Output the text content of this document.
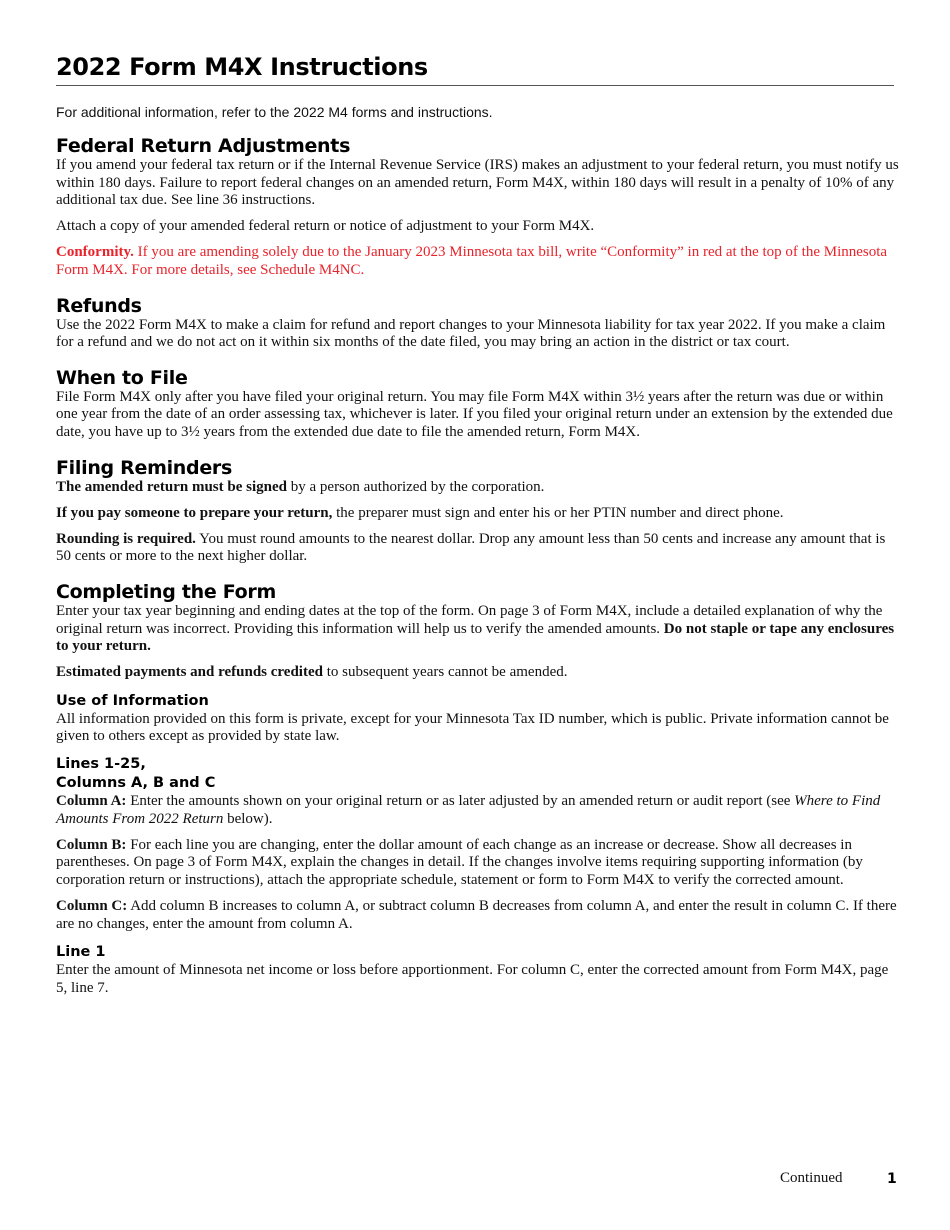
2022 Form M4X Instructions
For additional information, refer to the 2022 M4 forms and instructions.
Federal Return Adjustments

If you amend your federal tax return or if the Internal Revenue Service (IRS) makes an adjustment to your federal return, you must notify us within 180 days. Failure to report federal changes on an amended return, Form M4X, within 180 days will result in a penalty of 10% of any additional tax due. See line 36 instructions.

Attach a copy of your amended federal return or notice of adjustment to your Form M4X.

Conformity. If you are amending solely due to the January 2023 Minnesota tax bill, write “Conformity” in red at the top of the Minnesota Form M4X. For more details, see Schedule M4NC.

Refunds

Use the 2022 Form M4X to make a claim for refund and report changes to your Minnesota liability for tax year 2022. If you make a claim for a refund and we do not act on it within six months of the date filed, you may bring an action in the district or tax court.

When to File

File Form M4X only after you have filed your original return. You may file Form M4X within 3½ years after the return was due or within one year from the date of an order assessing tax, whichever is later. If you filed your original return under an extension by the extended due date, you have up to 3½ years from the extended due date to file the amended return, Form M4X.

Filing Reminders

The amended return must be signed by a person authorized by the corporation.

If you pay someone to prepare your return, the preparer must sign and enter his or her PTIN number and direct phone.

Rounding is required. You must round amounts to the nearest dollar. Drop any amount less than 50 cents and increase any amount that is 50 cents or more to the next higher dollar.

Completing the Form

Enter your tax year beginning and ending dates at the top of the form. On page 3 of Form M4X, include a detailed explanation of why the original return was incorrect. Providing this information will help us to verify the amended amounts. Do not staple or tape any enclosures to your return.

Estimated payments and refunds credited to subsequent years cannot be amended.

Use of Information

All information provided on this form is private, except for your Minnesota Tax ID number, which is public. Private information cannot be given to others except as provided by state law.

Lines 1-25,
Columns A, B and C

Column A: Enter the amounts shown on your original return or as later adjusted by an amended return or audit report (see Where to Find Amounts From 2022 Return below).

Column B: For each line you are changing, enter the dollar amount of each change as an increase or decrease. Show all decreases in parentheses. On page 3 of Form M4X, explain the changes in detail. If the changes involve items requiring supporting information (by corporation return or instructions), attach the appropriate schedule, statement or form to Form M4X to verify the corrected amount.

Column C: Add column B increases to column A, or subtract column B decreases from column A, and enter the result in column C. If there are no changes, enter the amount from column A.

Line 1

Enter the amount of Minnesota net income or loss before apportionment. For column C, enter the corrected amount from Form M4X, page 5, line 7.

Continued	1
